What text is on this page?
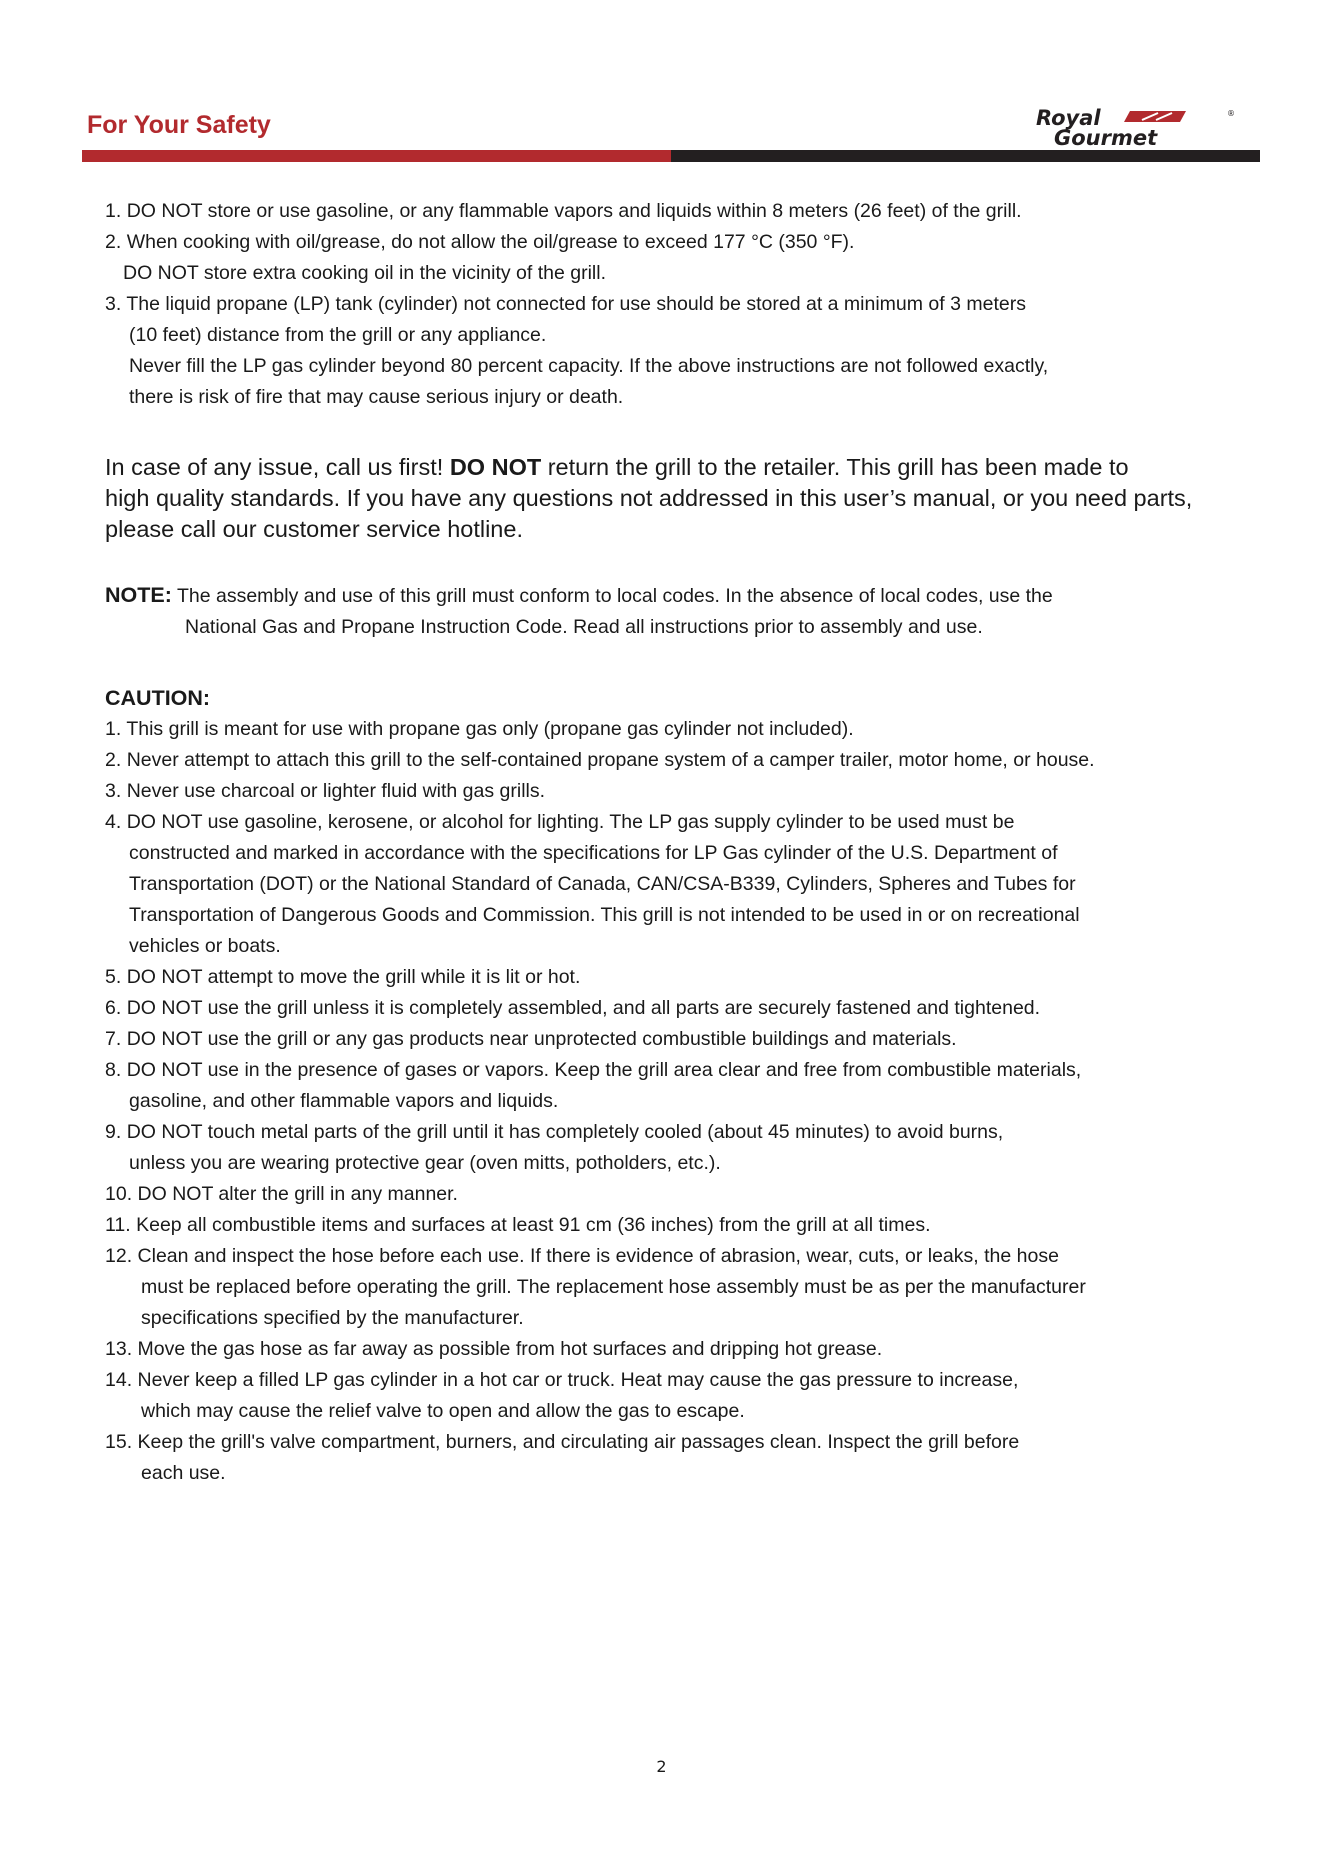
For Your Safety	Royal
Gourmet
®

1. DO NOT store or use gasoline, or any flammable vapors and liquids within 8 meters (26 feet) of the grill.

2. When cooking with oil/grease, do not allow the oil/grease to exceed 177 °C (350 °F).

DO NOT store extra cooking oil in the vicinity of the grill.

3. The liquid propane (LP) tank (cylinder) not connected for use should be stored at a minimum of 3 meters

(10 feet) distance from the grill or any appliance.

Never fill the LP gas cylinder beyond 80 percent capacity. If the above instructions are not followed exactly,

there is risk of fire that may cause serious injury or death.

In case of any issue, call us first! DO NOT return the grill to the retailer. This grill has been made to

high quality standards. If you have any questions not addressed in this user’s manual, or you need parts,

please call our customer service hotline.

NOTE: The assembly and use of this grill must conform to local codes. In the absence of local codes, use the

National Gas and Propane Instruction Code. Read all instructions prior to assembly and use.

CAUTION:

1. This grill is meant for use with propane gas only (propane gas cylinder not included).

2. Never attempt to attach this grill to the self-contained propane system of a camper trailer, motor home, or house.

3. Never use charcoal or lighter fluid with gas grills.

4. DO NOT use gasoline, kerosene, or alcohol for lighting. The LP gas supply cylinder to be used must be

constructed and marked in accordance with the specifications for LP Gas cylinder of the U.S. Department of

Transportation (DOT) or the National Standard of Canada, CAN/CSA-B339, Cylinders, Spheres and Tubes for

Transportation of Dangerous Goods and Commission. This grill is not intended to be used in or on recreational

vehicles or boats.

5. DO NOT attempt to move the grill while it is lit or hot.

6. DO NOT use the grill unless it is completely assembled, and all parts are securely fastened and tightened.

7. DO NOT use the grill or any gas products near unprotected combustible buildings and materials.

8. DO NOT use in the presence of gases or vapors. Keep the grill area clear and free from combustible materials,

gasoline, and other flammable vapors and liquids.

9. DO NOT touch metal parts of the grill until it has completely cooled (about 45 minutes) to avoid burns,

unless you are wearing protective gear (oven mitts, potholders, etc.).

10. DO NOT alter the grill in any manner.

11. Keep all combustible items and surfaces at least 91 cm (36 inches) from the grill at all times.

12. Clean and inspect the hose before each use. If there is evidence of abrasion, wear, cuts, or leaks, the hose

must be replaced before operating the grill. The replacement hose assembly must be as per the manufacturer

specifications specified by the manufacturer.

13. Move the gas hose as far away as possible from hot surfaces and dripping hot grease.

14. Never keep a filled LP gas cylinder in a hot car or truck. Heat may cause the gas pressure to increase,

which may cause the relief valve to open and allow the gas to escape.

15. Keep the grill's valve compartment, burners, and circulating air passages clean. Inspect the grill before

each use.

2
